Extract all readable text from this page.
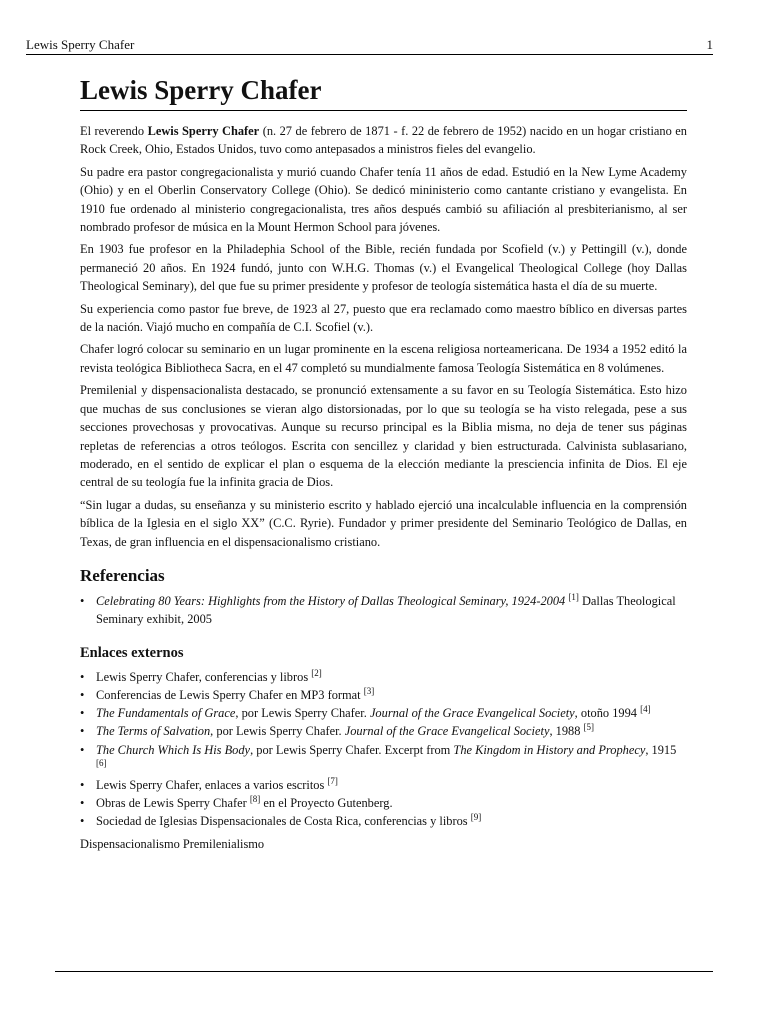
Lewis Sperry Chafer	1
Lewis Sperry Chafer

El reverendo Lewis Sperry Chafer (n. 27 de febrero de 1871 - f. 22 de febrero de 1952) nacido en un hogar cristiano en Rock Creek, Ohio, Estados Unidos, tuvo como antepasados a ministros fieles del evangelio.

Su padre era pastor congregacionalista y murió cuando Chafer tenía 11 años de edad. Estudió en la New Lyme Academy (Ohio) y en el Oberlin Conservatory College (Ohio). Se dedicó mininisterio como cantante cristiano y evangelista. En 1910 fue ordenado al ministerio congregacionalista, tres años después cambió su afiliación al presbiterianismo, al ser nombrado profesor de música en la Mount Hermon School para jóvenes.

En 1903 fue profesor en la Philadephia School of the Bible, recién fundada por Scofield (v.) y Pettingill (v.), donde permaneció 20 años. En 1924 fundó, junto con W.H.G. Thomas (v.) el Evangelical Theological College (hoy Dallas Theological Seminary), del que fue su primer presidente y profesor de teología sistemática hasta el día de su muerte.

Su experiencia como pastor fue breve, de 1923 al 27, puesto que era reclamado como maestro bíblico en diversas partes de la nación. Viajó mucho en compañía de C.I. Scofiel (v.).

Chafer logró colocar su seminario en un lugar prominente en la escena religiosa norteamericana. De 1934 a 1952 editó la revista teológica Bibliotheca Sacra, en el 47 completó su mundialmente famosa Teología Sistemática en 8 volúmenes.

Premilenial y dispensacionalista destacado, se pronunció extensamente a su favor en su Teología Sistemática. Esto hizo que muchas de sus conclusiones se vieran algo distorsionadas, por lo que su teología se ha visto relegada, pese a sus secciones provechosas y provocativas. Aunque su recurso principal es la Biblia misma, no deja de tener sus páginas repletas de referencias a otros teólogos. Escrita con sencillez y claridad y bien estructurada. Calvinista sublasariano, moderado, en el sentido de explicar el plan o esquema de la elección mediante la presciencia infinita de Dios. El eje central de su teología fue la infinita gracia de Dios.

“Sin lugar a dudas, su enseñanza y su ministerio escrito y hablado ejerció una incalculable influencia en la comprensión bíblica de la Iglesia en el siglo XX” (C.C. Ryrie). Fundador y primer presidente del Seminario Teológico de Dallas, en Texas, de gran influencia en el dispensacionalismo cristiano.

Referencias
• Celebrating 80 Years: Highlights from the History of Dallas Theological Seminary, 1924-2004 [1] Dallas Theological Seminary exhibit, 2005
Enlaces externos
• Lewis Sperry Chafer, conferencias y libros [2]
• Conferencias de Lewis Sperry Chafer en MP3 format [3]
• The Fundamentals of Grace, por Lewis Sperry Chafer. Journal of the Grace Evangelical Society, otoño 1994 [4]
• The Terms of Salvation, por Lewis Sperry Chafer. Journal of the Grace Evangelical Society, 1988 [5]
• The Church Which Is His Body, por Lewis Sperry Chafer. Excerpt from The Kingdom in History and Prophecy, 1915 [6]
• Lewis Sperry Chafer, enlaces a varios escritos [7]
• Obras de Lewis Sperry Chafer [8] en el Proyecto Gutenberg.
• Sociedad de Iglesias Dispensacionales de Costa Rica, conferencias y libros [9]
Dispensacionalismo Premilenialismo
